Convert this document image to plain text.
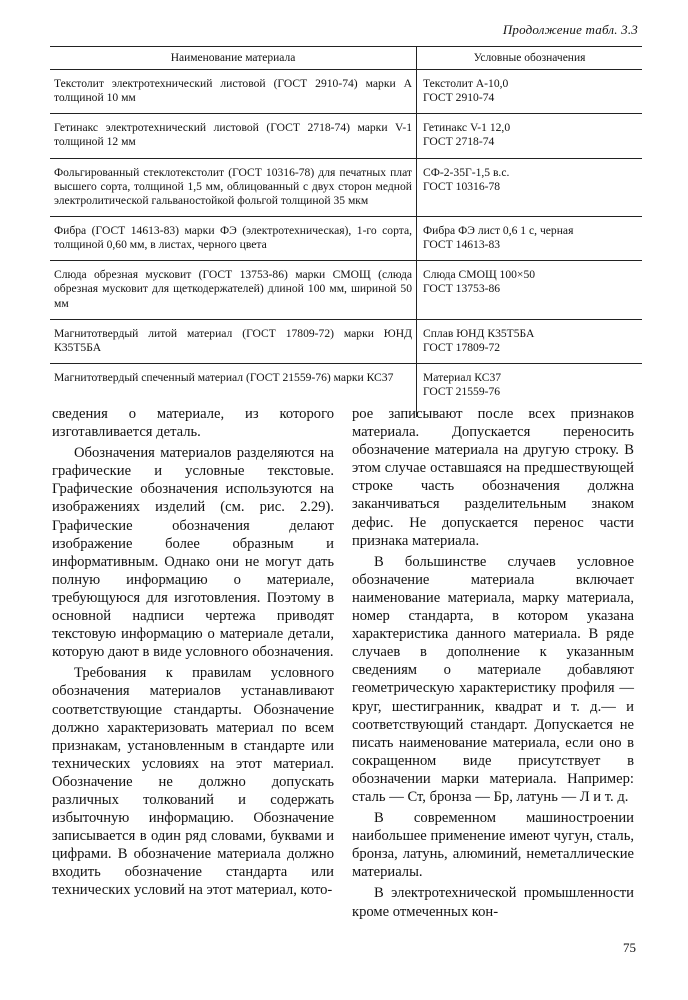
Продолжение табл. 3.3
Наименование материала	Условные обозначения
Текстолит электротехнический листовой (ГОСТ 2910-74) марки А толщиной 10 мм	Текстолит А-10,0
ГОСТ 2910-74
Гетинакс электротехнический листовой (ГОСТ 2718-74) марки V-1 толщиной 12 мм	Гетинакс V-1 12,0
ГОСТ 2718-74
Фольгированный стеклотекстолит (ГОСТ 10316-78) для печатных плат высшего сорта, толщиной 1,5 мм, облицованный с двух сторон медной электролитической гальваностойкой фольгой толщиной 35 мкм	СФ-2-35Г-1,5 в.с.
ГОСТ 10316-78
Фибра (ГОСТ 14613-83) марки ФЭ (электротехническая), 1-го сорта, толщиной 0,60 мм, в листах, черного цвета	Фибра ФЭ лист 0,6 1 с, черная
ГОСТ 14613-83
Слюда обрезная мусковит (ГОСТ 13753-86) марки СМОЩ (слюда обрезная мусковит для щеткодержателей) длиной 100 мм, шириной 50 мм	Слюда СМОЩ 100×50
ГОСТ 13753-86
Магнитотвердый литой материал (ГОСТ 17809-72) марки ЮНД К35Т5БА	Сплав ЮНД К35Т5БА
ГОСТ 17809-72
Магнитотвердый спеченный материал (ГОСТ 21559-76) марки КС37	Материал КС37
ГОСТ 21559-76

сведения о материале, из которого изготавливается деталь.

Обозначения материалов разделяются на графические и условные текстовые. Графические обозначения используются на изображениях изделий (см. рис. 2.29). Графические обозначения делают изображение более образным и информативным. Однако они не могут дать полную информацию о материале, требующуюся для изготовления. Поэтому в основной надписи чертежа приводят текстовую информацию о материале детали, которую дают в виде условного обозначения.

Требования к правилам условного обозначения материалов устанавливают соответствующие стандарты. Обозначение должно характеризовать материал по всем признакам, установленным в стандарте или технических условиях на этот материал. Обозначение не должно допускать различных толкований и содержать избыточную информацию. Обозначение записывается в один ряд словами, буквами и цифрами. В обозначение материала должно входить обозначение стандарта или технических условий на этот материал, кото-

рое записывают после всех признаков материала. Допускается переносить обозначение материала на другую строку. В этом случае оставшаяся на предшествующей строке часть обозначения должна заканчиваться разделительным знаком дефис. Не допускается перенос части признака материала.

В большинстве случаев условное обозначение материала включает наименование материала, марку материала, номер стандарта, в котором указана характеристика данного материала. В ряде случаев в дополнение к указанным сведениям о материале добавляют геометрическую характеристику профиля — круг, шестигранник, квадрат и т. д.— и соответствующий стандарт. Допускается не писать наименование материала, если оно в сокращенном виде присутствует в обозначении марки материала. Например: сталь — Ст, бронза — Бр, латунь — Л и т. д.

В современном машиностроении наибольшее применение имеют чугун, сталь, бронза, латунь, алюминий, неметаллические материалы.

В электротехнической промышленности кроме отмеченных кон-

75
